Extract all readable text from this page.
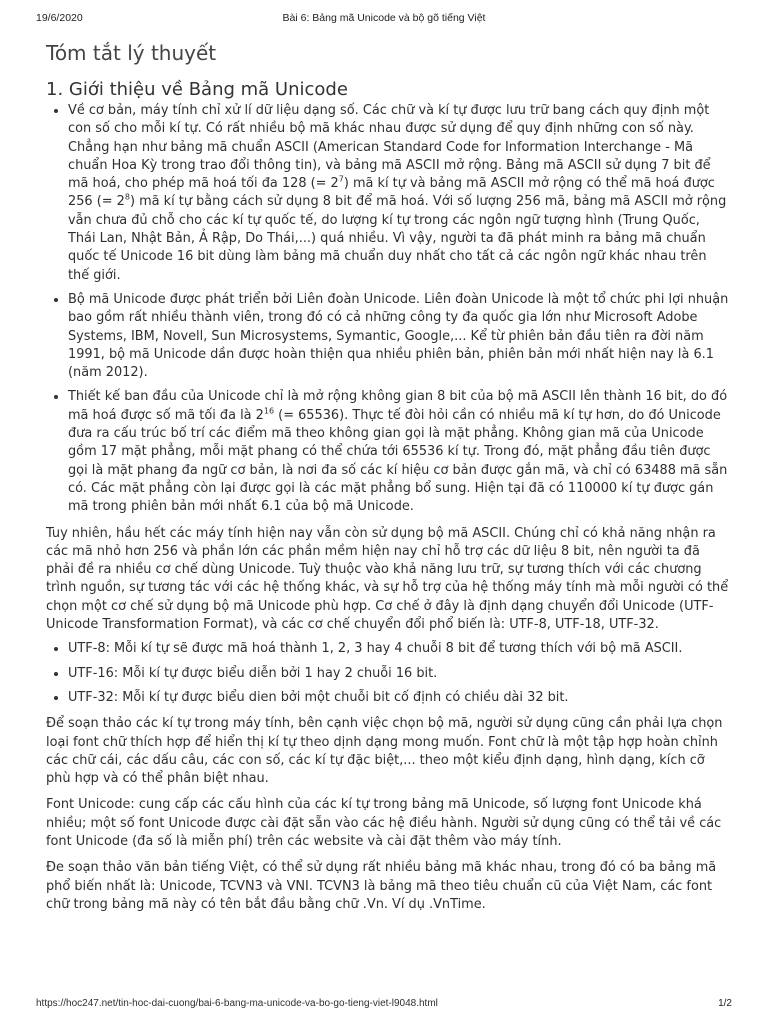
19/6/2020	Bài 6: Bảng mã Unicode và bộ gõ tiếng Việt
Tóm tắt lý thuyết
1. Giới thiệu về Bảng mã Unicode
• Về cơ bản, máy tính chỉ xử lí dữ liệu dạng số. Các chữ và kí tự được lưu trữ bang cách quy định một con số cho mỗi kí tự. Có rất nhiều bộ mã khác nhau được sử dụng để quy định những con số này. Chẳng hạn như bảng mã chuẩn ASCII (American Standard Code for Information Interchange - Mã chuẩn Hoa Kỳ trong trao đổi thông tin), và bảng mã ASCII mở rộng. Bảng mã ASCII sử dụng 7 bit để mã hoá, cho phép mã hoá tối đa 128 (= $2^7$) mã kí tự và bảng mã ASCII mở rộng có thể mã hoá được 256 (= $2^8$) mã kí tự bằng cách sử dụng 8 bit để mã hoá. Với số lượng 256 mã, bảng mã ASCII mở rộng vẫn chưa đủ chỗ cho các kí tự quốc tế, do lượng kí tự trong các ngôn ngữ tượng hình (Trung Quốc, Thái Lan, Nhật Bản, Ả Rập, Do Thái,...) quá nhiều. Vì vậy, người ta đã phát minh ra bảng mã chuẩn quốc tế Unicode 16 bit dùng làm bảng mã chuẩn duy nhất cho tất cả các ngôn ngữ khác nhau trên thế giới.
• Bộ mã Unicode được phát triển bởi Liên đoàn Unicode. Liên đoàn Unicode là một tổ chức phi lợi nhuận bao gồm rất nhiều thành viên, trong đó có cả những công ty đa quốc gia lớn như Microsoft Adobe Systems, IBM, Novell, Sun Microsystems, Symantic, Google,... Kể từ phiên bản đầu tiên ra đời năm 1991, bộ mã Unicode dần được hoàn thiện qua nhiều phiên bản, phiên bản mới nhất hiện nay là 6.1 (năm 2012).
• Thiết kế ban đầu của Unicode chỉ là mở rộng không gian 8 bit của bộ mã ASCII lên thành 16 bit, do đó mã hoá được số mã tối đa là $2^{16}$ (= 65536). Thực tế đòi hỏi cần có nhiều mã kí tự hơn, do đó Unicode đưa ra cấu trúc bố trí các điểm mã theo không gian gọi là mặt phẳng. Không gian mã của Unicode gồm 17 mặt phẳng, mỗi mặt phang có thể chứa tới 65536 kí tự. Trong đó, mặt phẳng đầu tiên được gọi là mặt phang đa ngữ cơ bản, là nơi đa số các kí hiệu cơ bản được gắn mã, và chỉ có 63488 mã sẵn có. Các mặt phẳng còn lại được gọi là các mặt phẳng bổ sung. Hiện tại đã có 110000 kí tự được gán mã trong phiên bản mới nhất 6.1 của bộ mã Unicode.

Tuy nhiên, hầu hết các máy tính hiện nay vẫn còn sử dụng bộ mã ASCII. Chúng chỉ có khả năng nhận ra các mã nhỏ hơn 256 và phần lớn các phần mềm hiện nay chỉ hỗ trợ các dữ liệu 8 bit, nên người ta đã phải đề ra nhiều cơ chế dùng Unicode. Tuỳ thuộc vào khả năng lưu trữ, sự tương thích với các chương trình nguồn, sự tương tác với các hệ thống khác, và sự hỗ trợ của hệ thống máy tính mà mỗi người có thể chọn một cơ chế sử dụng bộ mã Unicode phù hợp. Cơ chế ở đây là định dạng chuyển đổi Unicode (UTF-Unicode Transformation Format), và các cơ chế chuyển đổi phổ biến là: UTF-8, UTF-18, UTF-32.

• UTF-8: Mỗi kí tự sẽ được mã hoá thành 1, 2, 3 hay 4 chuỗi 8 bit để tương thích với bộ mã ASCII.
• UTF-16: Mỗi kí tự được biểu diễn bởi 1 hay 2 chuỗi 16 bit.
• UTF-32: Mỗi kí tự được biểu dien bởi một chuỗi bit cố định có chiều dài 32 bit.

Để soạn thảo các kí tự trong máy tính, bên cạnh việc chọn bộ mã, người sử dụng cũng cần phải lựa chọn loại font chữ thích hợp để hiển thị kí tự theo dịnh dạng mong muốn. Font chữ là một tập hợp hoàn chỉnh các chữ cái, các dấu câu, các con số, các kí tự đặc biệt,... theo một kiểu định dạng, hình dạng, kích cỡ phù hợp và có thể phân biệt nhau.

Font Unicode: cung cấp các cấu hình của các kí tự trong bảng mã Unicode, số lượng font Unicode khá nhiều; một số font Unicode được cài đặt sẵn vào các hệ điều hành. Người sử dụng cũng có thể tải về các font Unicode (đa số là miễn phí) trên các website và cài đặt thêm vào máy tính.

Đe soạn thảo văn bản tiếng Việt, có thể sử dụng rất nhiều bảng mã khác nhau, trong đó có ba bảng mã phổ biến nhất là: Unicode, TCVN3 và VNI. TCVN3 là bảng mã theo tiêu chuẩn cũ của Việt Nam, các font chữ trong bảng mã này có tên bắt đầu bằng chữ .Vn. Ví dụ .VnTime.

https://hoc247.net/tin-hoc-dai-cuong/bai-6-bang-ma-unicode-va-bo-go-tieng-viet-l9048.html	1/2
